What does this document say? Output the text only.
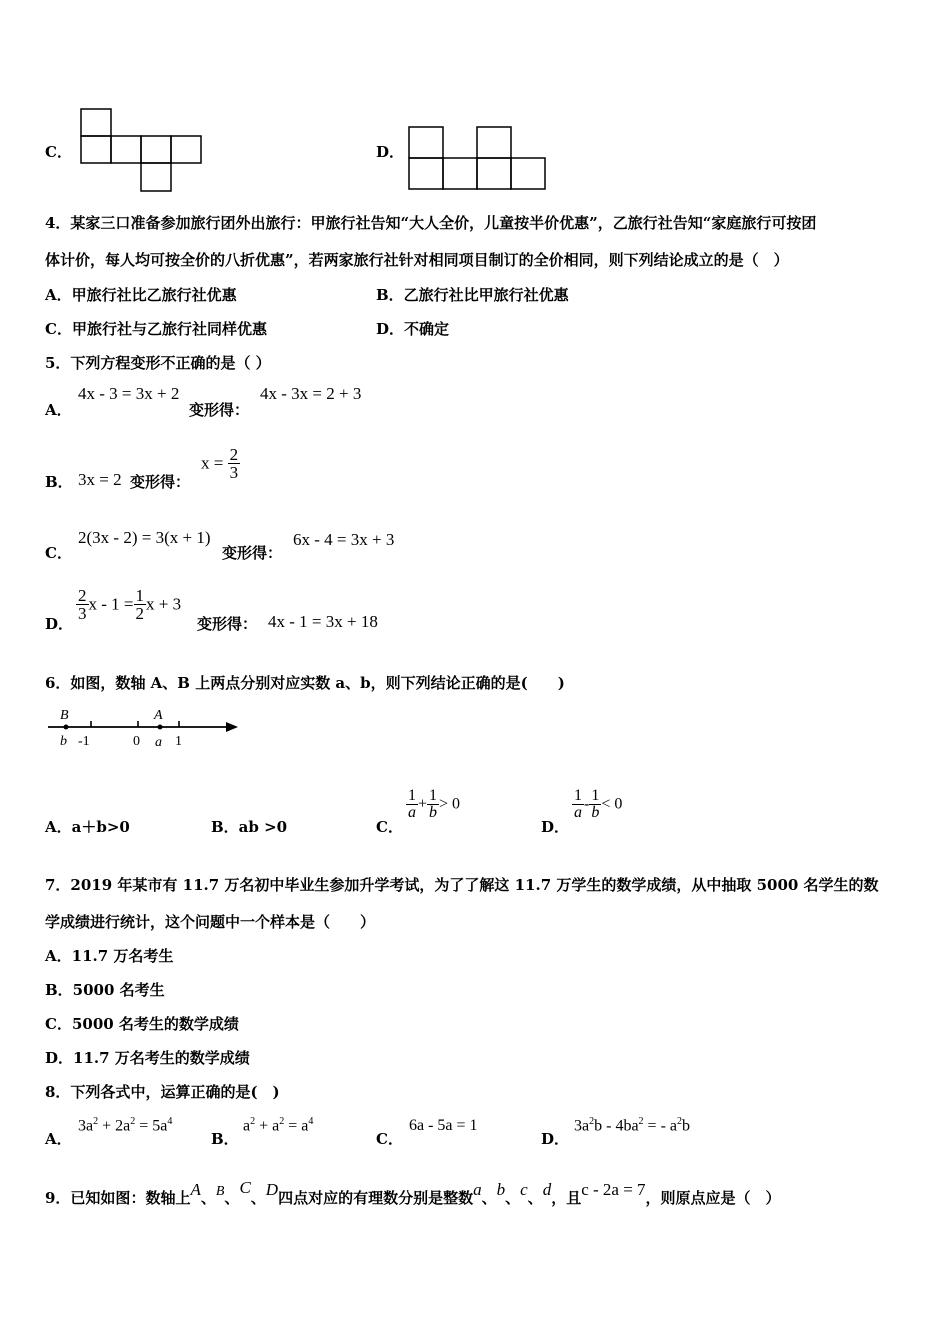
C．	D．
4．某家三口准备参加旅行团外出旅行：甲旅行社告知“大人全价，儿童按半价优惠”，乙旅行社告知“家庭旅行可按团
体计价，每人均可按全价的八折优惠”，若两家旅行社针对相同项目制订的全价相同，则下列结论成立的是（　）
A．甲旅行社比乙旅行社优惠	B．乙旅行社比甲旅行社优惠
C．甲旅行社与乙旅行社同样优惠	D．不确定
5．下列方程变形不正确的是（ ）
A．
4x - 3 = 3x + 2
变形得：
4x - 3x = 2 + 3
B． 3x = 2 变形得：
$x = \frac{2}{3}$
C．
2(3x - 2) = 3(x + 1)
变形得：
6x - 4 = 3x + 3
D．
$\frac{2}{3}$ $x - 1 = \frac{1}{2}$ x + 3
变形得： 4x - 1 = 3x + 18
6．如图，数轴 A、B 上两点分别对应实数 a、b，则下列结论正确的是(　　)
B	A
b -1	0 a 1
A．a＋b>0	B．ab >0	C．
$\frac{1}{a} + \frac{1}{b} > 0$
D．
$\frac{1}{a} - \frac{1}{b} < 0$
7．2019 年某市有 11.7 万名初中毕业生参加升学考试，为了了解这 11.7 万学生的数学成绩，从中抽取 5000 名学生的数
学成绩进行统计，这个问题中一个样本是（　　）
A．11.7 万名考生
B．5000 名考生
C．5000 名考生的数学成绩
D．11.7 万名考生的数学成绩
8．下列各式中，运算正确的是(　)
A．
$3a^2 + 2a^2 = 5a^4$
B．
$a^2 + a^2 = a^4$
C．
6a - 5a = 1
D．
$3a^2b - 4ba^2$ = - $a^2b$
9．已知如图：数轴上A、B、C、D四点对应的有理数分别是整数a、b、c、d，且c - 2a = 7，则原点应是（　）
